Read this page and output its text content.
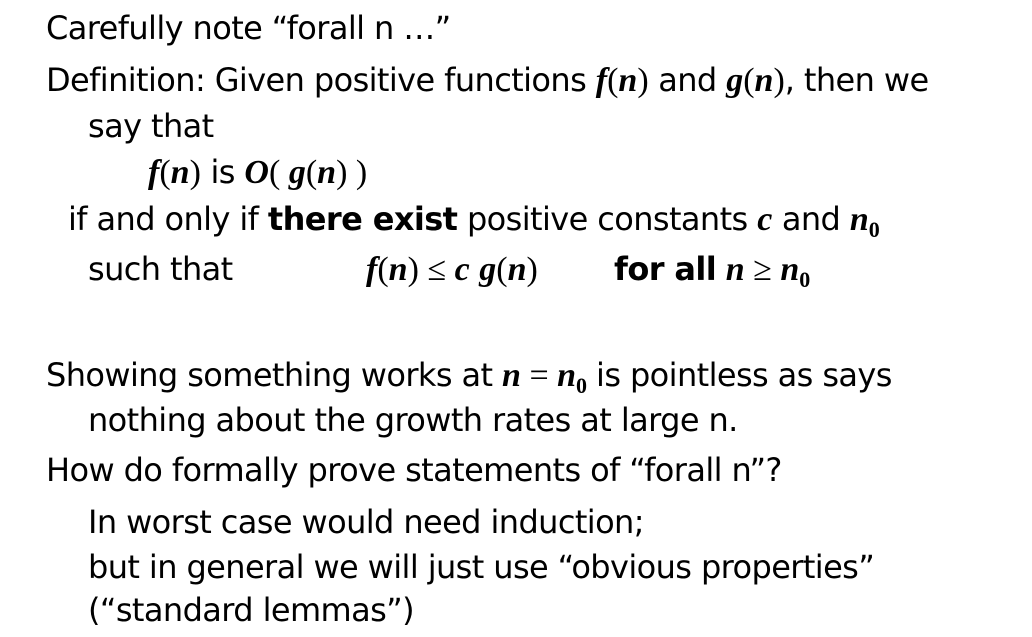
Carefully note “forall n …”
Definition: Given positive functions f(n) and g(n), then we
say that
f(n) is O( g(n) )
if and only if there exist positive constants c and $n_0$
such that	f(n) ≤ c g(n) for all $n \ge n_0$
Showing something works at $n = n_0$ is pointless as says
nothing about the growth rates at large n.
How do formally prove statements of “forall n”?
In worst case would need induction;
but in general we will just use “obvious properties”
(“standard lemmas”)
